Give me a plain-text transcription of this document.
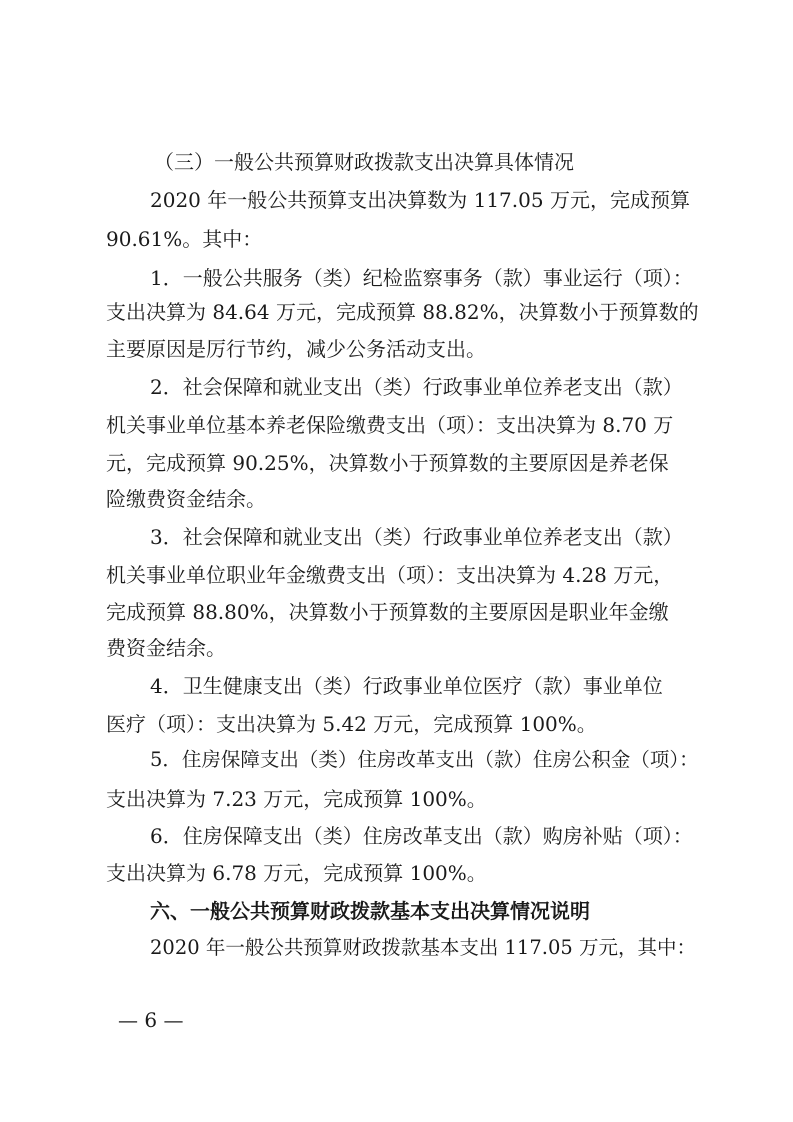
（三）一般公共预算财政拨款支出决算具体情况
2020 年一般公共预算支出决算数为 117.05 万元，完成预算
90.61%。其中：
1．一般公共服务（类）纪检监察事务（款）事业运行（项）：
支出决算为 84.64 万元，完成预算 88.82%，决算数小于预算数的
主要原因是厉行节约，减少公务活动支出。
2．社会保障和就业支出（类）行政事业单位养老支出（款）
机关事业单位基本养老保险缴费支出（项）：支出决算为 8.70 万
元，完成预算 90.25%，决算数小于预算数的主要原因是养老保
险缴费资金结余。
3．社会保障和就业支出（类）行政事业单位养老支出（款）
机关事业单位职业年金缴费支出（项）：支出决算为 4.28 万元，
完成预算 88.80%，决算数小于预算数的主要原因是职业年金缴
费资金结余。
4．卫生健康支出（类）行政事业单位医疗（款）事业单位
医疗（项）：支出决算为 5.42 万元，完成预算 100%。
5．住房保障支出（类）住房改革支出（款）住房公积金（项）：
支出决算为 7.23 万元，完成预算 100%。
6．住房保障支出（类）住房改革支出（款）购房补贴（项）：
支出决算为 6.78 万元，完成预算 100%。
六、一般公共预算财政拨款基本支出决算情况说明
2020 年一般公共预算财政拨款基本支出 117.05 万元，其中：
— 6 —
